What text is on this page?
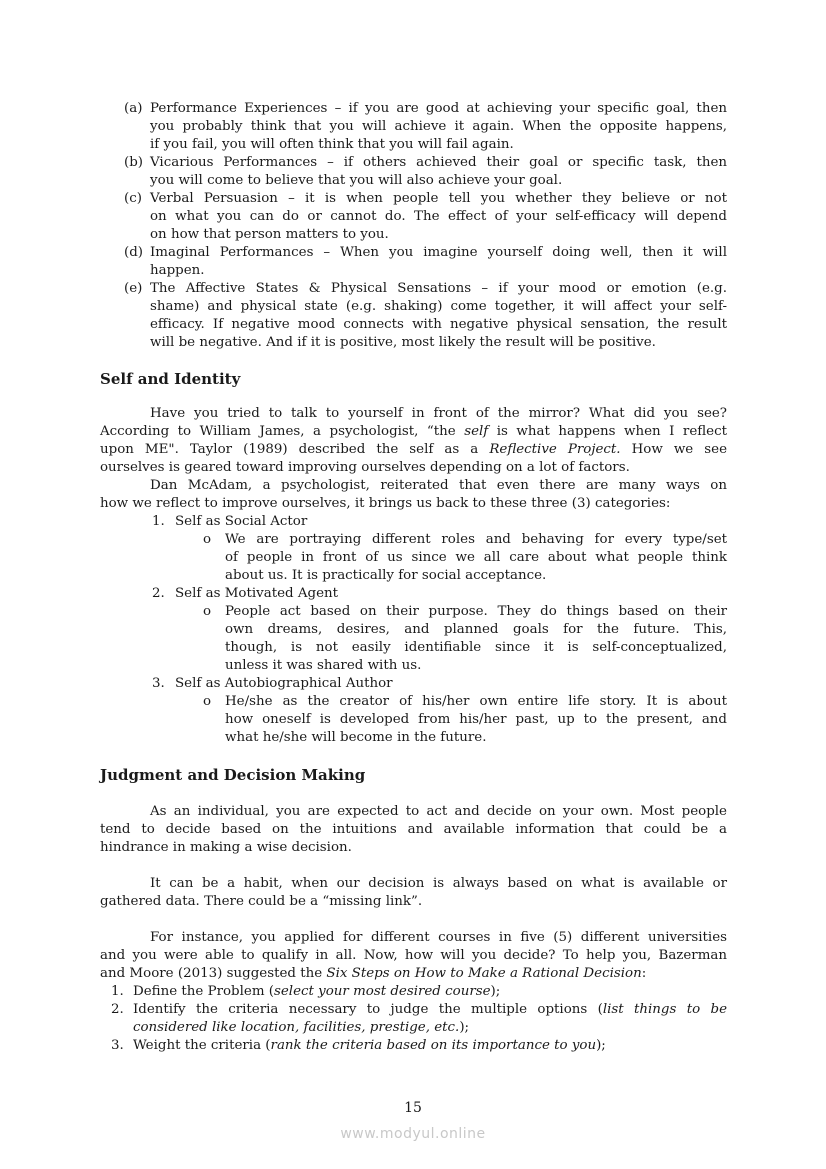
Self and Identity
Judgment and Decision Making
15
www.modyul.online
(a) Performance Experiences – if you are good at achieving your specific goal, then
you probably think that you will achieve it again. When the opposite happens,
if you fail, you will often think that you will fail again.
(b) Vicarious Performances – if others achieved their goal or specific task, then
you will come to believe that you will also achieve your goal.
(c) Verbal Persuasion – it is when people tell you whether they believe or not
on what you can do or cannot do. The effect of your self-efficacy will depend
on how that person matters to you.
(d) Imaginal Performances – When you imagine yourself doing well, then it will
happen.
(e) The Affective States & Physical Sensations – if your mood or emotion (e.g.
shame) and physical state (e.g. shaking) come together, it will affect your self-
efficacy. If negative mood connects with negative physical sensation, the result
will be negative. And if it is positive, most likely the result will be positive.
Have you tried to talk to yourself in front of the mirror? What did you see?
According to William James, a psychologist, “the self is what happens when I reflect
upon ME". Taylor (1989) described the self as a Reflective Project. How we see
ourselves is geared toward improving ourselves depending on a lot of factors.
Dan McAdam, a psychologist, reiterated that even there are many ways on
how we reflect to improve ourselves, it brings us back to these three (3) categories:
1. Self as Social Actor
o We are portraying different roles and behaving for every type/set
of people in front of us since we all care about what people think
about us. It is practically for social acceptance.
2. Self as Motivated Agent
o People act based on their purpose. They do things based on their
own dreams, desires, and planned goals for the future. This,
though, is not easily identifiable since it is self-conceptualized,
unless it was shared with us.
3. Self as Autobiographical Author
o He/she as the creator of his/her own entire life story. It is about
how oneself is developed from his/her past, up to the present, and
what he/she will become in the future.
As an individual, you are expected to act and decide on your own. Most people
tend to decide based on the intuitions and available information that could be a
hindrance in making a wise decision.
It can be a habit, when our decision is always based on what is available or
gathered data. There could be a “missing link”.
For instance, you applied for different courses in five (5) different universities
and you were able to qualify in all. Now, how will you decide? To help you, Bazerman
and Moore (2013) suggested the Six Steps on How to Make a Rational Decision:
1. Define the Problem (select your most desired course);
2. Identify the criteria necessary to judge the multiple options (list things to be
considered like location, facilities, prestige, etc.);
3. Weight the criteria (rank the criteria based on its importance to you);
